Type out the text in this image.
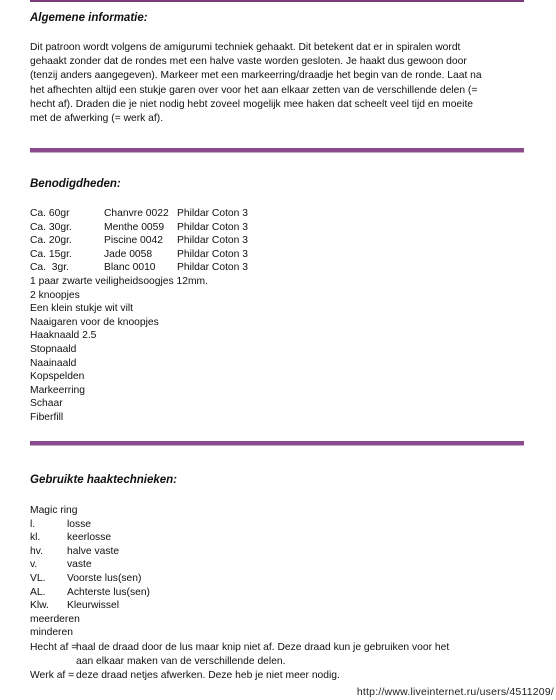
Algemene informatie:
Dit patroon wordt volgens de amigurumi techniek gehaakt. Dit betekent dat er in spiralen wordt
gehaakt zonder dat de rondes met een halve vaste worden gesloten. Je haakt dus gewoon door
(tenzij anders aangegeven). Markeer met een markeerring/draadje het begin van de ronde. Laat na
het afhechten altijd een stukje garen over voor het aan elkaar zetten van de verschillende delen (=
hecht af). Draden die je niet nodig hebt zoveel mogelijk mee haken dat scheelt veel tijd en moeite
met de afwerking (= werk af).
Benodigdheden:
Ca. 60gr	Chanvre 0022 Phildar Coton 3
Ca. 30gr.	Menthe 0059 Phildar Coton 3
Ca. 20gr.	Piscine 0042 Phildar Coton 3
Ca. 15gr.	Jade 0058 Phildar Coton 3
Ca.  3gr.	Blanc 0010 Phildar Coton 3
1 paar zwarte veiligheidsoogjes 12mm.
2 knoopjes
Een klein stukje wit vilt
Naaigaren voor de knoopjes
Haaknaald 2.5
Stopnaald
Naainaald
Kopspelden
Markeerring
Schaar
Fiberfill
Gebruikte haaktechnieken:
Magic ring
l.	losse
kl.	keerlosse
hv. halve vaste
v.	vaste
VL. Voorste lus(sen)
AL. Achterste lus(sen)
Klw. Kleurwissel
meerderen
minderen
Hecht af =
haal de draad door de lus maar knip niet af. Deze draad kun je gebruiken voor het
aan elkaar maken van de verschillende delen.
Werk af = deze draad netjes afwerken. Deze heb je niet meer nodig.
http://www.liveinternet.ru/users/4511209/
